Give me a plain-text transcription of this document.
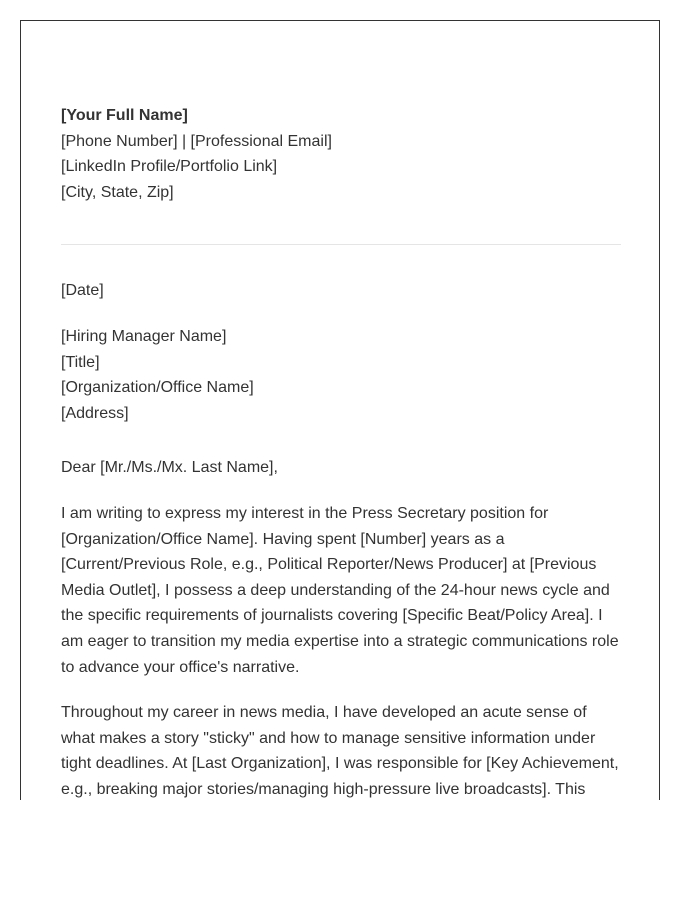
[Your Full Name]
[Phone Number] | [Professional Email]
[LinkedIn Profile/Portfolio Link]
[City, State, Zip]
[Date]
[Hiring Manager Name]
[Title]
[Organization/Office Name]
[Address]
Dear [Mr./Ms./Mx. Last Name],

I am writing to express my interest in the Press Secretary position for [Organization/Office Name]. Having spent [Number] years as a [Current/Previous Role, e.g., Political Reporter/News Producer] at [Previous Media Outlet], I possess a deep understanding of the 24-hour news cycle and the specific requirements of journalists covering [Specific Beat/Policy Area]. I am eager to transition my media expertise into a strategic communications role to advance your office's narrative.

Throughout my career in news media, I have developed an acute sense of what makes a story "sticky" and how to manage sensitive information under tight deadlines. At [Last Organization], I was responsible for [Key Achievement, e.g., breaking major stories/managing high-pressure live broadcasts]. This
